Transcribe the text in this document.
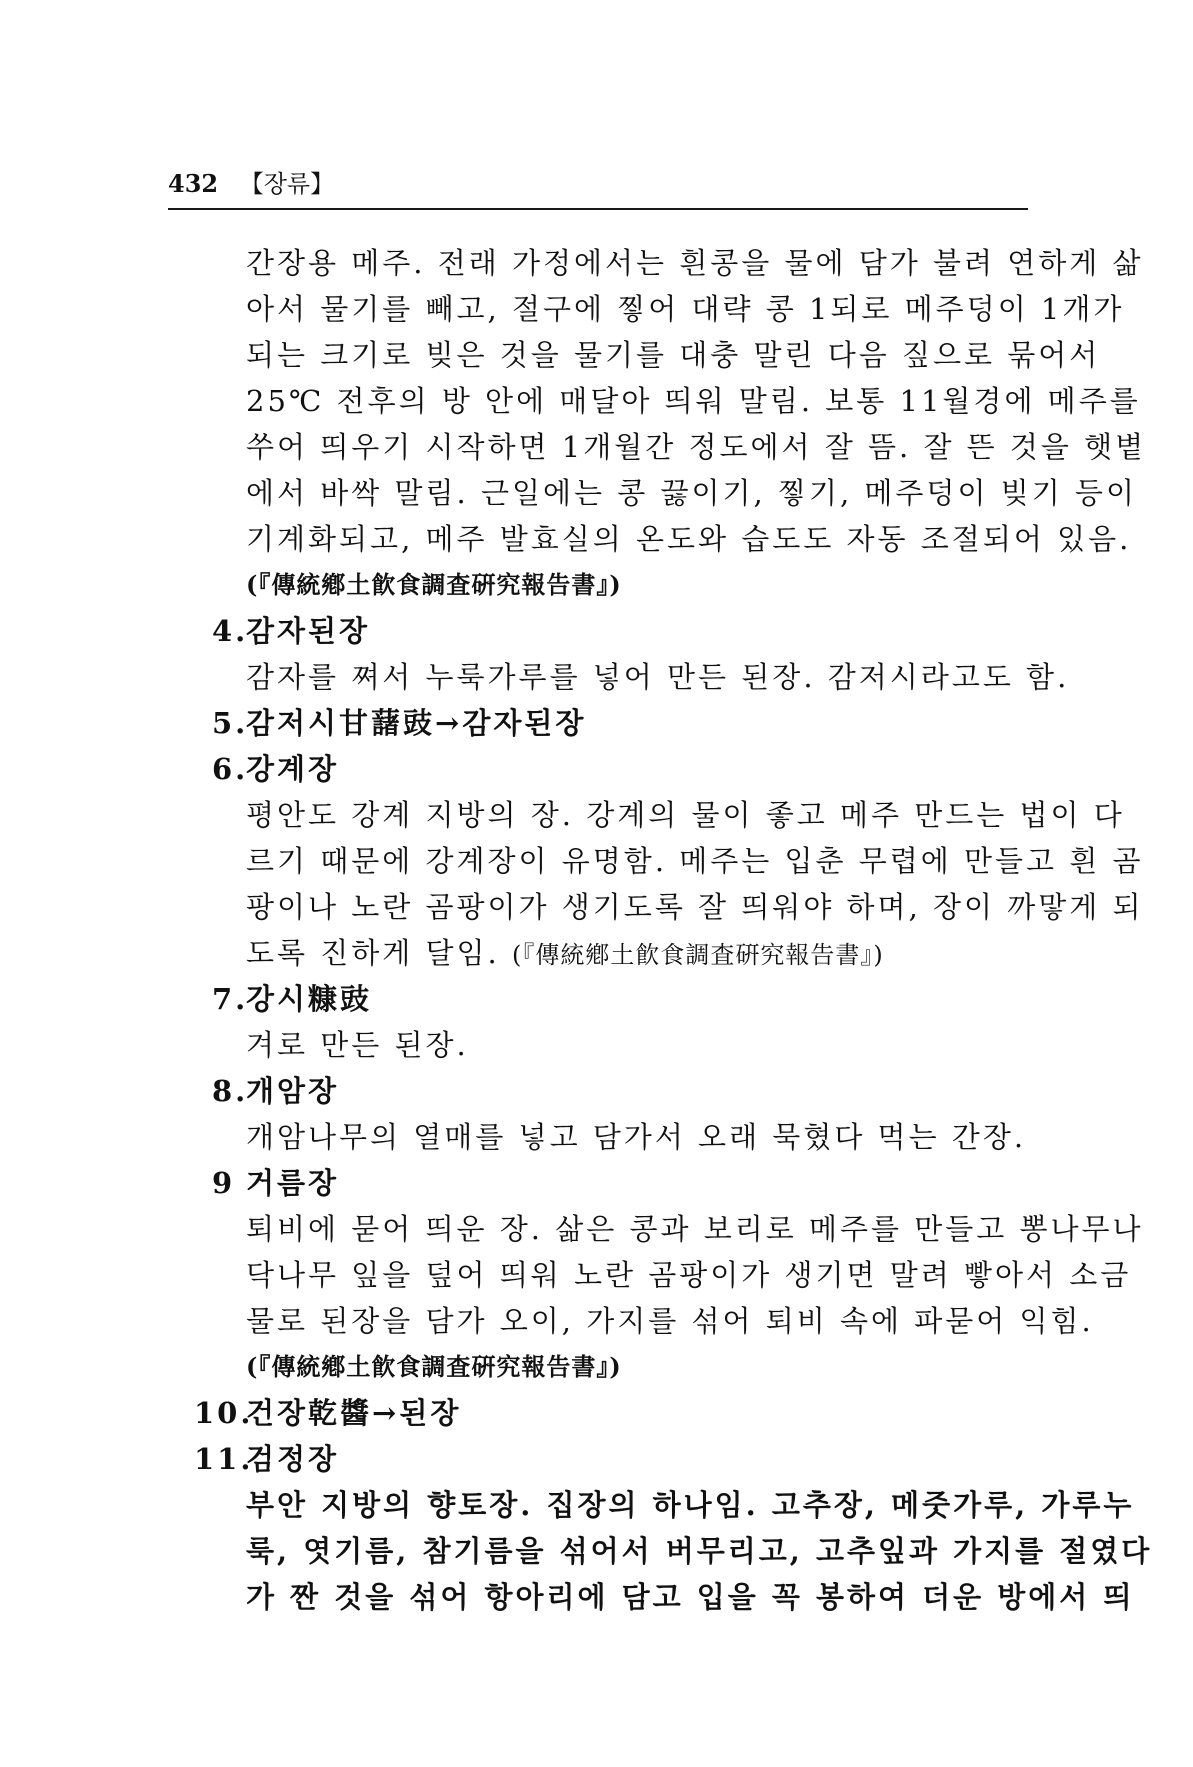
432 【장류】
간장용 메주. 전래 가정에서는 흰콩을 물에 담가 불려 연하게 삶
아서 물기를 빼고, 절구에 찧어 대략 콩 1되로 메주덩이 1개가
되는 크기로 빚은 것을 물기를 대충 말린 다음 짚으로 묶어서
25℃ 전후의 방 안에 매달아 띄워 말림. 보통 11월경에 메주를
쑤어 띄우기 시작하면 1개월간 정도에서 잘 뜸. 잘 뜬 것을 햇볕
에서 바싹 말림. 근일에는 콩 끓이기, 찧기, 메주덩이 빚기 등이
기계화되고, 메주 발효실의 온도와 습도도 자동 조절되어 있음.
(『傳統鄕土飮食調査硏究報告書』)
4.감자된장
감자를 쪄서 누룩가루를 넣어 만든 된장. 감저시라고도 함.
5.감저시甘藷豉→감자된장
6.강계장
평안도 강계 지방의 장. 강계의 물이 좋고 메주 만드는 법이 다
르기 때문에 강계장이 유명함. 메주는 입춘 무렵에 만들고 흰 곰
팡이나 노란 곰팡이가 생기도록 잘 띄워야 하며, 장이 까맣게 되
도록 진하게 달임. (『傳統鄕土飮食調査硏究報告書』)
7.강시糠豉
겨로 만든 된장.
8.개암장
개암나무의 열매를 넣고 담가서 오래 묵혔다 먹는 간장.
9 거름장
퇴비에 묻어 띄운 장. 삶은 콩과 보리로 메주를 만들고 뽕나무나
닥나무 잎을 덮어 띄워 노란 곰팡이가 생기면 말려 빻아서 소금
물로 된장을 담가 오이, 가지를 섞어 퇴비 속에 파묻어 익힘.
(『傳統鄕土飮食調査硏究報告書』)
10.건장乾醬→된장
11.검정장
부안 지방의 향토장. 집장의 하나임. 고추장, 메줏가루, 가루누
룩, 엿기름, 참기름을 섞어서 버무리고, 고추잎과 가지를 절였다
가 짠 것을 섞어 항아리에 담고 입을 꼭 봉하여 더운 방에서 띄
